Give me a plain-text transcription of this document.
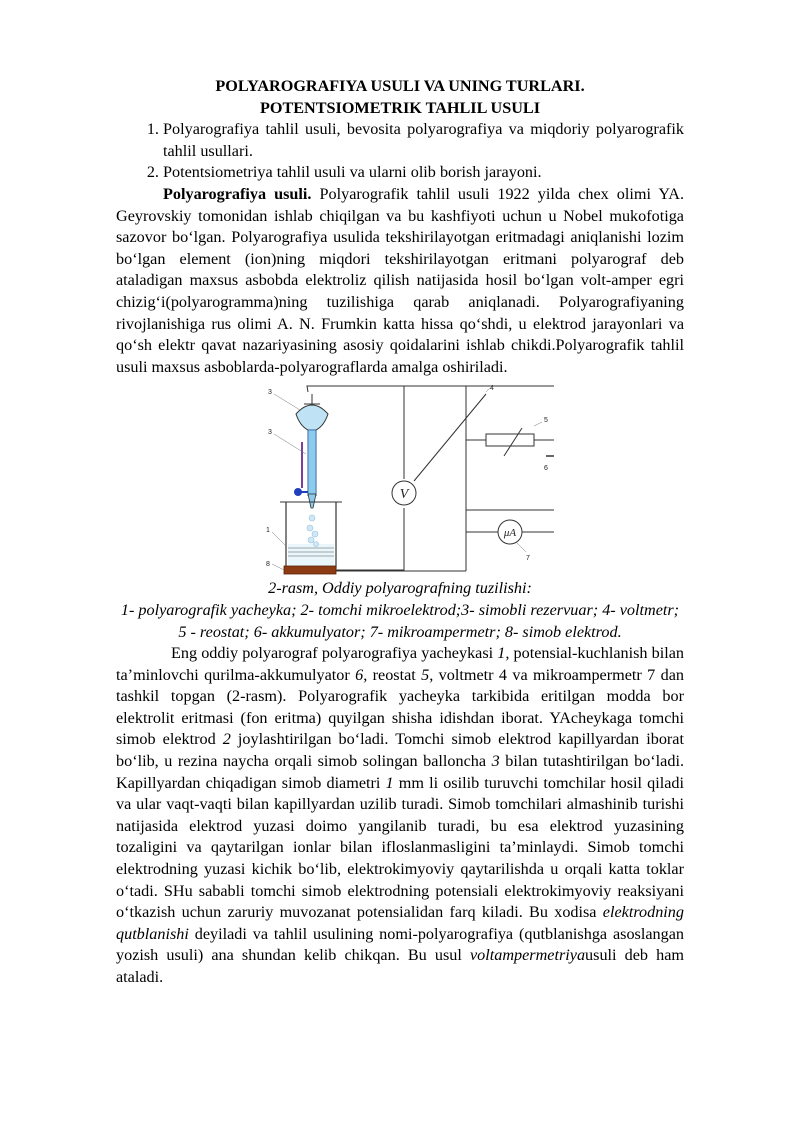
POLYAROGRAFIYA USULI VA UNING TURLARI.
POTENTSIOMETRIK TAHLIL USULI
1. Polyarografiya tahlil usuli, bevosita polyarografiya va miqdoriy polyarografik tahlil usullari.
2. Potentsiometriya tahlil usuli va ularni olib borish jarayoni.

Polyarografiya usuli. Polyarografik tahlil usuli 1922 yilda chex olimi YA. Geyrovskiy tomonidan ishlab chiqilgan va bu kashfiyoti uchun u Nobel mukofotiga sazovor bo‘lgan. Polyarografiya usulida tekshirilayotgan eritmadagi aniqlanishi lozim bo‘lgan element (ion)ning miqdori tekshirilayotgan eritmani polyarograf deb ataladigan maxsus asbobda elektroliz qilish natijasida hosil bo‘lgan volt-amper egri chizig‘i(polyarogramma)ning tuzilishiga qarab aniqlanadi. Polyarografiyaning rivojlanishiga rus olimi A. N. Frumkin katta hissa qo‘shdi, u elektrod jarayonlari va qo‘sh elektr qavat nazariyasining asosiy qoidalarini ishlab chikdi.Polyarografik tahlil usuli maxsus asboblarda-polyarograflarda amalga oshiriladi.

V
μA
3
3
1
8
4
5
6
7
2-rasm, Oddiy polyarografning tuzilishi:
1- polyarografik yacheyka; 2- tomchi mikroelektrod;3- simobli rezervuar; 4- voltmetr; 5 - reostat; 6- akkumulyator; 7- mikroampermetr; 8- simob elektrod.

Eng oddiy polyarograf polyarografiya yacheykasi 1, potensial-kuchlanish bilan ta’minlovchi qurilma-akkumulyator 6, reostat 5, voltmetr 4 va mikroampermetr 7 dan tashkil topgan (2-rasm). Polyarografik yacheyka tarkibida eritilgan modda bor elektrolit eritmasi (fon eritma) quyilgan shisha idishdan iborat. YAcheykaga tomchi simob elektrod 2 joylashtirilgan bo‘ladi. Tomchi simob elektrod kapillyardan iborat bo‘lib, u rezina naycha orqali simob solingan balloncha 3 bilan tutashtirilgan bo‘ladi. Kapillyardan chiqadigan simob diametri 1 mm li osilib turuvchi tomchilar hosil qiladi va ular vaqt-vaqti bilan kapillyardan uzilib turadi. Simob tomchilari almashinib turishi natijasida elektrod yuzasi doimo yangilanib turadi, bu esa elektrod yuzasining tozaligini va qaytarilgan ionlar bilan ifloslanmasligini ta’minlaydi. Simob tomchi elektrodning yuzasi kichik bo‘lib, elektrokimyoviy qaytarilishda u orqali katta toklar o‘tadi. SHu sababli tomchi simob elektrodning potensiali elektrokimyoviy reaksiyani o‘tkazish uchun zaruriy muvozanat potensialidan farq kiladi. Bu xodisa elektrodning qutblanishi deyiladi va tahlil usulining nomi-polyarografiya (qutblanishga asoslangan yozish usuli) ana shundan kelib chikqan. Bu usul voltampermetriyausuli deb ham ataladi.
